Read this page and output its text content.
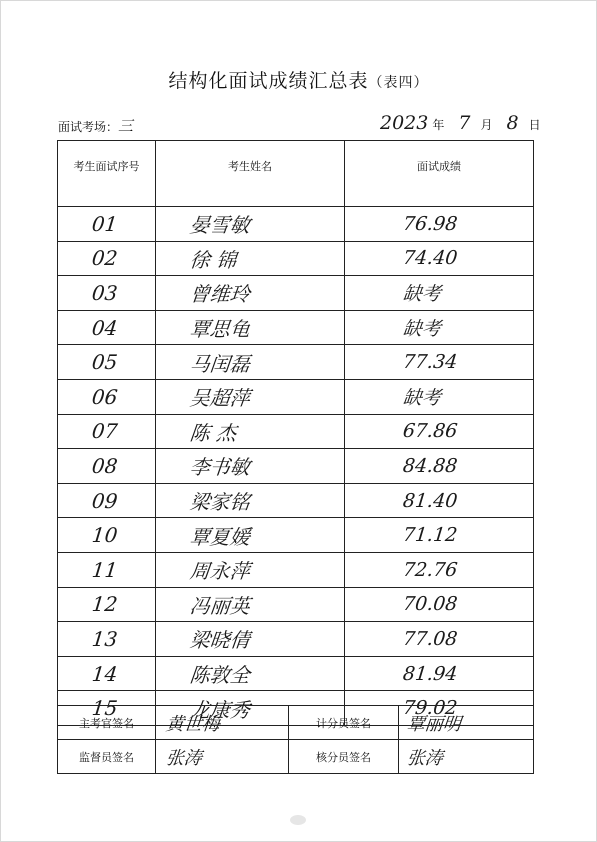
结构化面试成绩汇总表（表四）
面试考场： 三	2023 年 7 月 8 日
考生面试序号	考生姓名	面试成绩
01	晏雪敏	76.98
02	徐 锦	74.40
03	曾维玲	缺考
04	覃思龟	缺考
05	马闰磊	77.34
06	吴超萍	缺考
07	陈 杰	67.86
08	李书敏	84.88
09	梁家铭	81.40
10	覃夏媛	71.12
11	周永萍	72.76
12	冯丽英	70.08
13	梁晓倩	77.08
14	陈敦全	81.94
15	龙康秀	79.02
主考官签名	黄世梅	计分员签名	覃丽明
监督员签名	张涛	核分员签名	张涛
